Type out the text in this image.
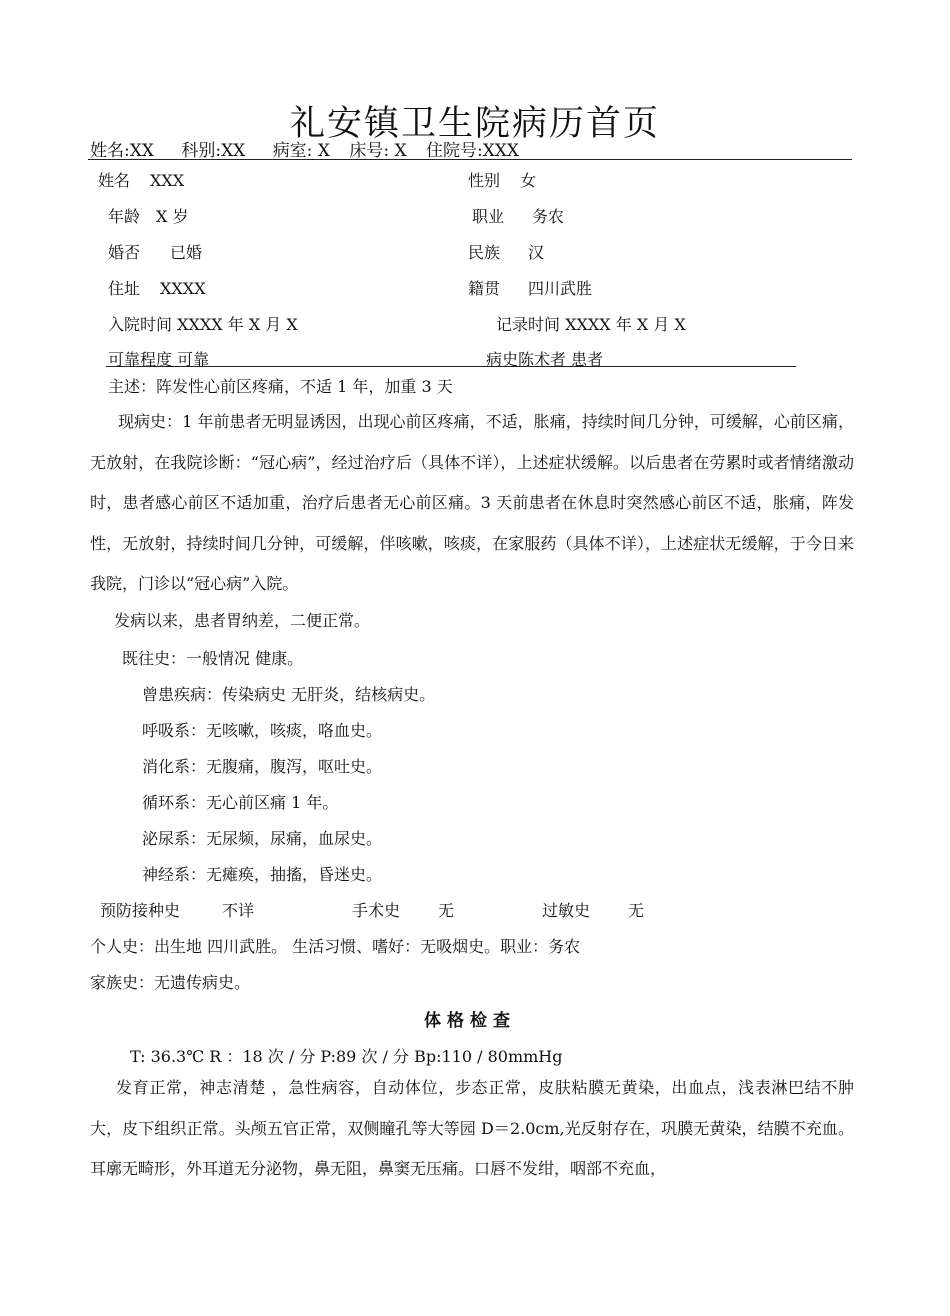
礼安镇卫生院病历首页
姓名:XX 科别:XX 病室: X 床号: X 住院号:XXX
姓名 XXX	性别 女
年龄 X 岁	职业 务农
婚否 已婚	民族 汉
住址 XXXX	籍贯 四川武胜
入院时间 XXXX 年 X 月 X	记录时间 XXXX 年 X 月 X
可靠程度 可靠	病史陈术者 患者
主述：阵发性心前区疼痛，不适 1 年，加重 3 天
现病史：1 年前患者无明显诱因，出现心前区疼痛，不适，胀痛，持续时间几分钟，可缓解，心前区痛，无放射，在我院诊断：“冠心病”，经过治疗后（具体不详），上述症状缓解。以后患者在劳累时或者情绪激动时，患者感心前区不适加重，治疗后患者无心前区痛。3 天前患者在休息时突然感心前区不适，胀痛，阵发性，无放射，持续时间几分钟，可缓解，伴咳嗽，咳痰，在家服药（具体不详），上述症状无缓解，于今日来我院，门诊以“冠心病”入院。
发病以来，患者胃纳差，二便正常。
既往史：一般情况 健康。
曾患疾病：传染病史 无肝炎，结核病史。
呼吸系：无咳嗽，咳痰，咯血史。
消化系：无腹痛，腹泻，呕吐史。
循环系：无心前区痛 1 年。
泌尿系：无尿频，尿痛，血尿史。
神经系：无瘫痪，抽搐，昏迷史。
预防接种史	不详	手术史 无	过敏史 无
个人史：出生地 四川武胜。 生活习惯、嗜好：无吸烟史。职业：务农
家族史：无遗传病史。
体格检查
T: 36.3℃ R ：18 次 / 分 P:89 次 / 分 Bp:110 / 80mmHg
发育正常，神志清楚 ，急性病容，自动体位，步态正常，皮肤粘膜无黄染，出血点，浅表淋巴结不肿大，皮下组织正常。头颅五官正常，双侧瞳孔等大等园 D＝2.0cm,光反射存在，巩膜无黄染，结膜不充血。耳廓无畸形，外耳道无分泌物，鼻无阻，鼻窦无压痛。口唇不发绀，咽部不充血，
